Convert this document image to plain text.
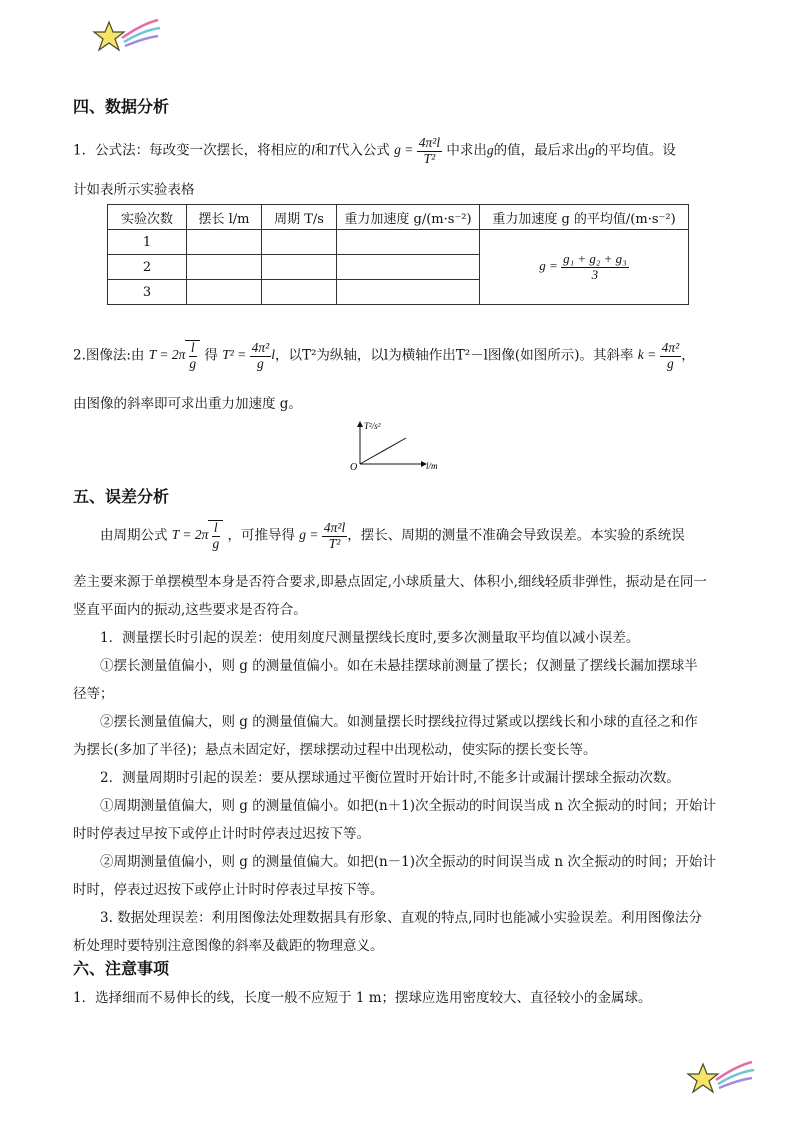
四、数据分析

1．公式法：每改变一次摆长，将相应的l和T代入公式 $g = \frac{\text{4π²l}}{\text{T²}}$ 中求出g的值，最后求出g的平均值。设

计如表所示实验表格

实验次数	摆长 l/m	周期 T/s	重力加速度 g/(m·s⁻²)	重力加速度 g 的平均值/(m·s⁻²)
1				$g = \frac{\text{g₁ + g₂ + g₃}}{3}$

2				
3				

2.图像法:由 $T = 2\pi \frac{l}{g}$ 得 $T^2 = \frac{\text{4π²}}{g}$ l，以T²为纵轴，以l为横轴作出T²－l图像(如图所示)。其斜率 $k = \frac{\text{4π²}}{g}$ ，

由图像的斜率即可求出重力加速度 g。

T²/s²
l/m
O
五、误差分析

由周期公式 $T = 2\pi \frac{l}{g}$ ，可推导得 $g = \frac{\text{4π²l}}{\text{T²}}$ ，摆长、周期的测量不准确会导致误差。本实验的系统误

差主要来源于单摆模型本身是否符合要求,即悬点固定,小球质量大、体积小,细线轻质非弹性，振动是在同一

竖直平面内的振动,这些要求是否符合。

1．测量摆长时引起的误差：使用刻度尺测量摆线长度时,要多次测量取平均值以减小误差。

①摆长测量值偏小，则 g 的测量值偏小。如在未悬挂摆球前测量了摆长；仅测量了摆线长漏加摆球半

径等；

②摆长测量值偏大，则 g 的测量值偏大。如测量摆长时摆线拉得过紧或以摆线长和小球的直径之和作

为摆长(多加了半径)；悬点未固定好，摆球摆动过程中出现松动，使实际的摆长变长等。

2．测量周期时引起的误差：要从摆球通过平衡位置时开始计时,不能多计或漏计摆球全振动次数。

①周期测量值偏大，则 g 的测量值偏小。如把(n＋1)次全振动的时间误当成 n 次全振动的时间；开始计

时时停表过早按下或停止计时时停表过迟按下等。

②周期测量值偏小，则 g 的测量值偏大。如把(n－1)次全振动的时间误当成 n 次全振动的时间；开始计

时时，停表过迟按下或停止计时时停表过早按下等。

3. 数据处理误差：利用图像法处理数据具有形象、直观的特点,同时也能减小实验误差。利用图像法分

析处理时要特别注意图像的斜率及截距的物理意义。

六、注意事项

1．选择细而不易伸长的线，长度一般不应短于 1 m；摆球应选用密度较大、直径较小的金属球。
